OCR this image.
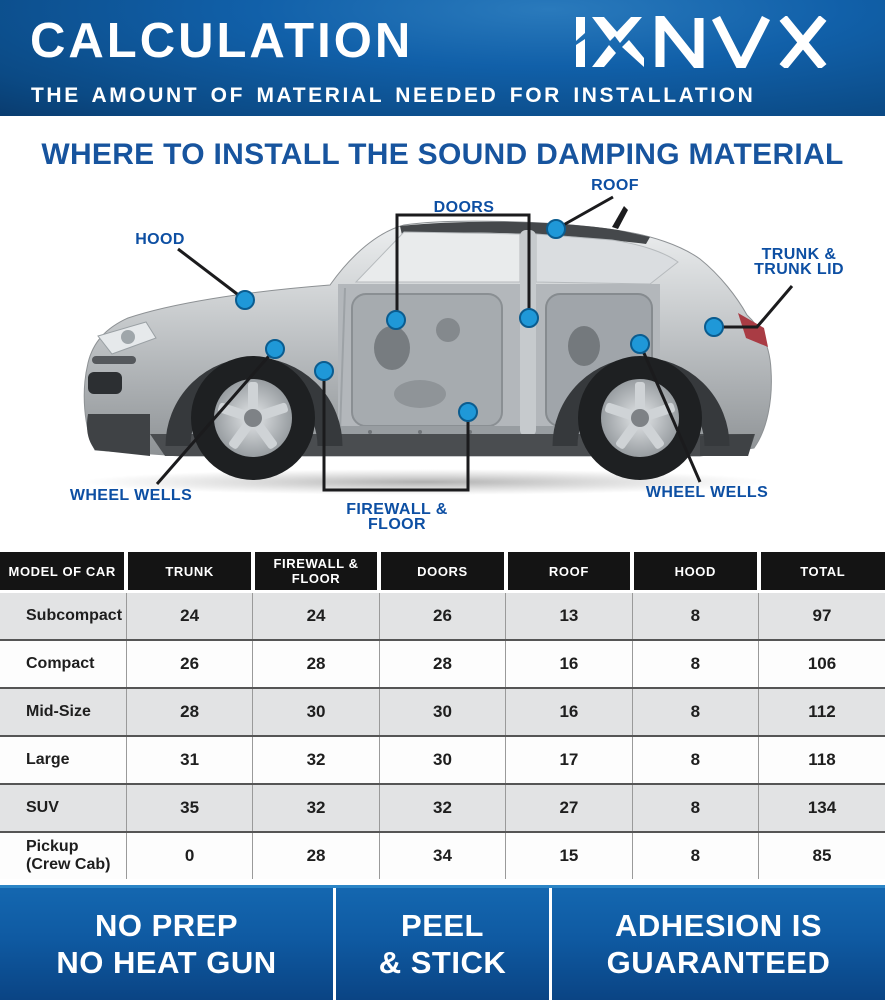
CALCULATION
THE AMOUNT OF MATERIAL NEEDED FOR INSTALLATION
WHERE TO INSTALL THE SOUND DAMPING MATERIAL
HOOD
ROOF
DOORS
TRUNK &
TRUNK LID
WHEEL WELLS	WHEEL WELLS
FIREWALL &
FLOOR
MODEL OF CAR	TRUNK	FIREWALL & FLOOR	DOORS	ROOF	HOOD	TOTAL
Subcompact	24	24	26	13	8	97
Compact	26	28	28	16	8	106
Mid-Size	28	30	30	16	8	112
Large	31	32	30	17	8	118
SUV	35	32	32	27	8	134
Pickup (Crew Cab)	0	28	34	15	8	85
NO PREP
NO HEAT GUN
PEEL
& STICK
ADHESION IS
GUARANTEED
